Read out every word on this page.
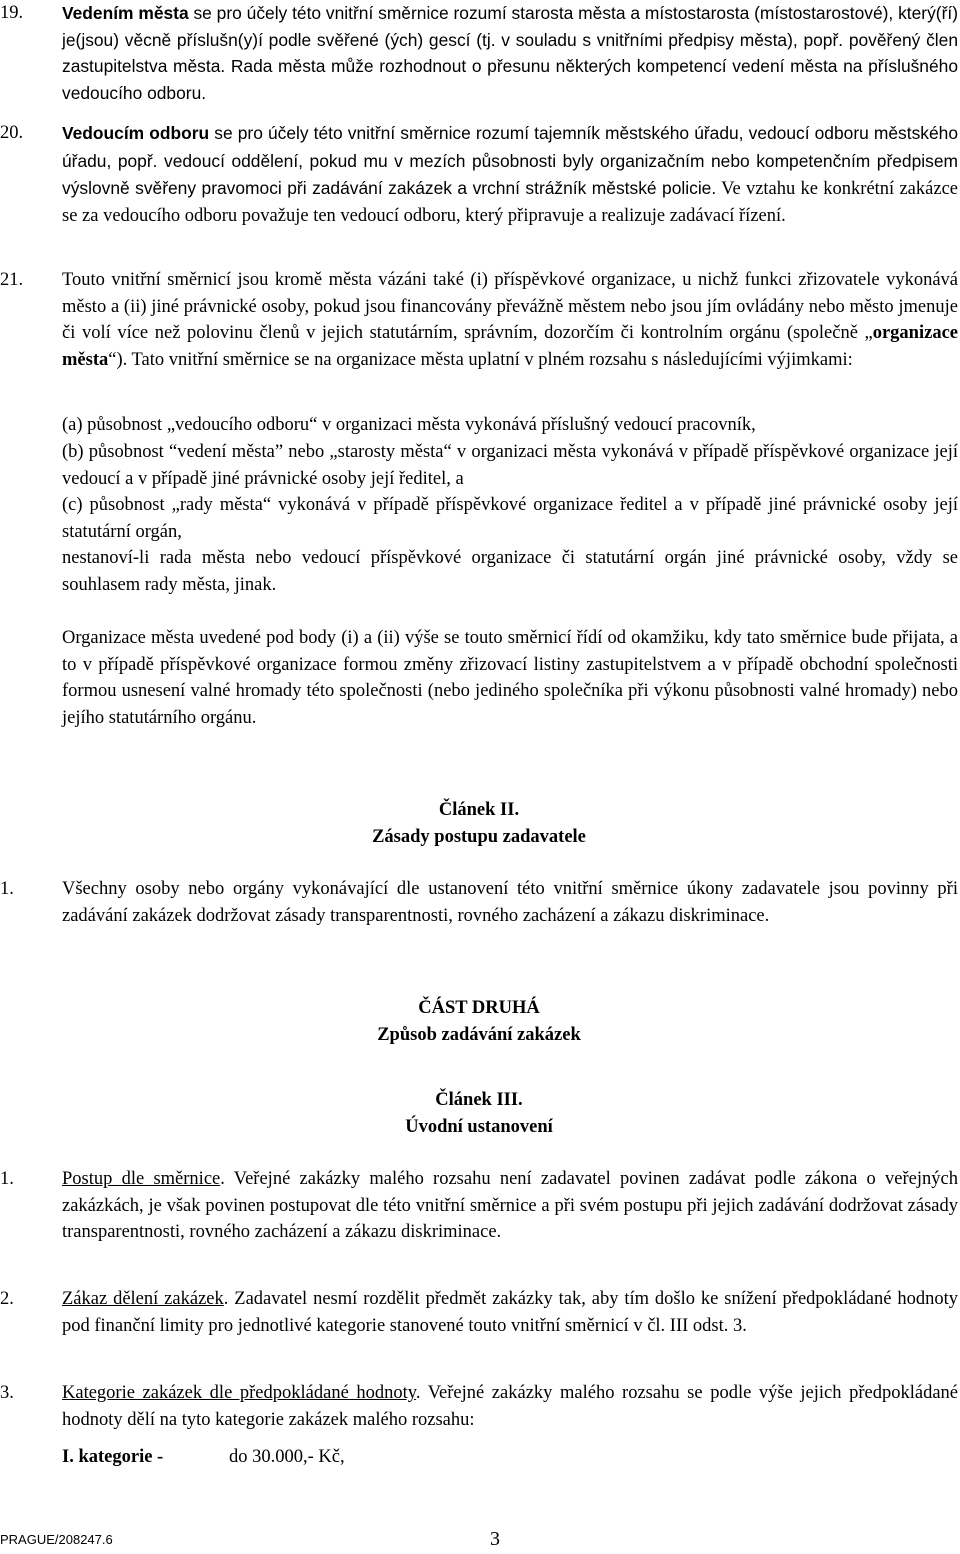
19. Vedením města se pro účely této vnitřní směrnice rozumí starosta města a místostarosta (místostarostové), který(ří) je(jsou) věcně příslušn(y)í podle svěřené (ých) gescí (tj. v souladu s vnitřními předpisy města), popř. pověřený člen zastupitelstva města. Rada města může rozhodnout o přesunu některých kompetencí vedení města na příslušného vedoucího odboru.
20. Vedoucím odboru se pro účely této vnitřní směrnice rozumí tajemník městského úřadu, vedoucí odboru městského úřadu, popř. vedoucí oddělení, pokud mu v mezích působnosti byly organizačním nebo kompetenčním předpisem výslovně svěřeny pravomoci při zadávání zakázek a vrchní strážník městské policie. Ve vztahu ke konkrétní zakázce se za vedoucího odboru považuje ten vedoucí odboru, který připravuje a realizuje zadávací řízení.
21. Touto vnitřní směrnicí jsou kromě města vázáni také (i) příspěvkové organizace, u nichž funkci zřizovatele vykonává město a (ii) jiné právnické osoby, pokud jsou financovány převážně městem nebo jsou jím ovládány nebo město jmenuje či volí více než polovinu členů v jejich statutárním, správním, dozorčím či kontrolním orgánu (společně „organizace města“). Tato vnitřní směrnice se na organizace města uplatní v plném rozsahu s následujícími výjimkami:
(a) působnost „vedoucího odboru“ v organizaci města vykonává příslušný vedoucí pracovník,
(b) působnost “vedení města” nebo „starosty města“ v organizaci města vykonává v případě příspěvkové organizace její vedoucí a v případě jiné právnické osoby její ředitel, a
(c) působnost „rady města“ vykonává v případě příspěvkové organizace ředitel a v případě jiné právnické osoby její statutární orgán,
nestanoví-li rada města nebo vedoucí příspěvkové organizace či statutární orgán jiné právnické osoby, vždy se souhlasem rady města, jinak.
Organizace města uvedené pod body (i) a (ii) výše se touto směrnicí řídí od okamžiku, kdy tato směrnice bude přijata, a to v případě příspěvkové organizace formou změny zřizovací listiny zastupitelstvem a v případě obchodní společnosti formou usnesení valné hromady této společnosti (nebo jediného společníka při výkonu působnosti valné hromady) nebo jejího statutárního orgánu.
Článek II.
Zásady postupu zadavatele
1.	Všechny osoby nebo orgány vykonávající dle ustanovení této vnitřní směrnice úkony zadavatele jsou povinny při zadávání zakázek dodržovat zásady transparentnosti, rovného zacházení a zákazu diskriminace.
ČÁST DRUHÁ
Způsob zadávání zakázek
Článek III.
Úvodní ustanovení
1.	Postup dle směrnice. Veřejné zakázky malého rozsahu není zadavatel povinen zadávat podle zákona o veřejných zakázkách, je však povinen postupovat dle této vnitřní směrnice a při svém postupu při jejich zadávání dodržovat zásady transparentnosti, rovného zacházení a zákazu diskriminace.
2.	Zákaz dělení zakázek. Zadavatel nesmí rozdělit předmět zakázky tak, aby tím došlo ke snížení předpokládané hodnoty pod finanční limity pro jednotlivé kategorie stanovené touto vnitřní směrnicí v čl. III odst. 3.
3.	Kategorie zakázek dle předpokládané hodnoty. Veřejné zakázky malého rozsahu se podle výše jejich předpokládané hodnoty dělí na tyto kategorie zakázek malého rozsahu:
I. kategorie -	do 30.000,- Kč,
PRAGUE/208247.6	3
